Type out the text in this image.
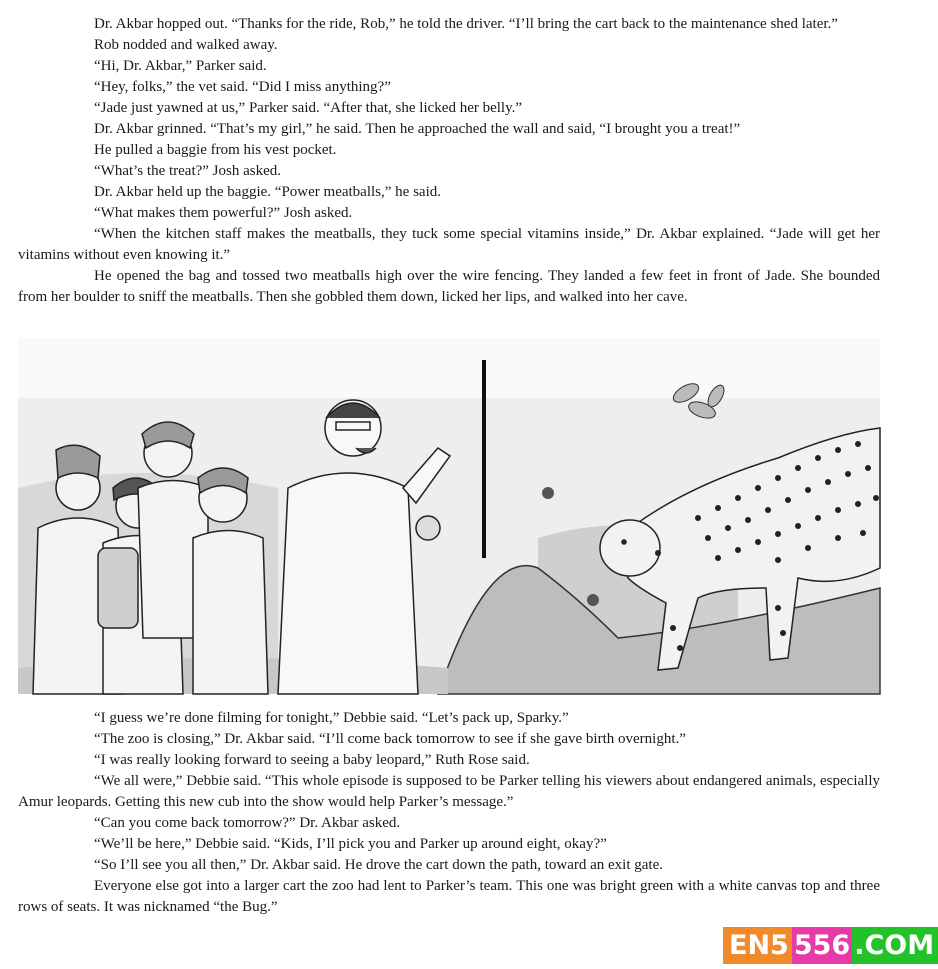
Dr. Akbar hopped out. “Thanks for the ride, Rob,” he told the driver. “I’ll bring the cart back to the maintenance shed later.”

Rob nodded and walked away.

“Hi, Dr. Akbar,” Parker said.

“Hey, folks,” the vet said. “Did I miss anything?”

“Jade just yawned at us,” Parker said. “After that, she licked her belly.”

Dr. Akbar grinned. “That’s my girl,” he said. Then he approached the wall and said, “I brought you a treat!”

He pulled a baggie from his vest pocket.

“What’s the treat?” Josh asked.

Dr. Akbar held up the baggie. “Power meatballs,” he said.

“What makes them powerful?” Josh asked.

“When the kitchen staff makes the meatballs, they tuck some special vitamins inside,” Dr. Akbar explained. “Jade will get her vitamins without even knowing it.”

He opened the bag and tossed two meatballs high over the wire fencing. They landed a few feet in front of Jade. She bounded from her boulder to sniff the meatballs. Then she gobbled them down, licked her lips, and walked into her cave.

“I guess we’re done filming for tonight,” Debbie said. “Let’s pack up, Sparky.”

“The zoo is closing,” Dr. Akbar said. “I’ll come back tomorrow to see if she gave birth overnight.”

“I was really looking forward to seeing a baby leopard,” Ruth Rose said.

“We all were,” Debbie said. “This whole episode is supposed to be Parker telling his viewers about endangered animals, especially Amur leopards. Getting this new cub into the show would help Parker’s message.”

“Can you come back tomorrow?” Dr. Akbar asked.

“We’ll be here,” Debbie said. “Kids, I’ll pick you and Parker up around eight, okay?”

“So I’ll see you all then,” Dr. Akbar said. He drove the cart down the path, toward an exit gate.

Everyone else got into a larger cart the zoo had lent to Parker’s team. This one was bright green with a white canvas top and three rows of seats. It was nicknamed “the Bug.”

EN5 556 .COM
